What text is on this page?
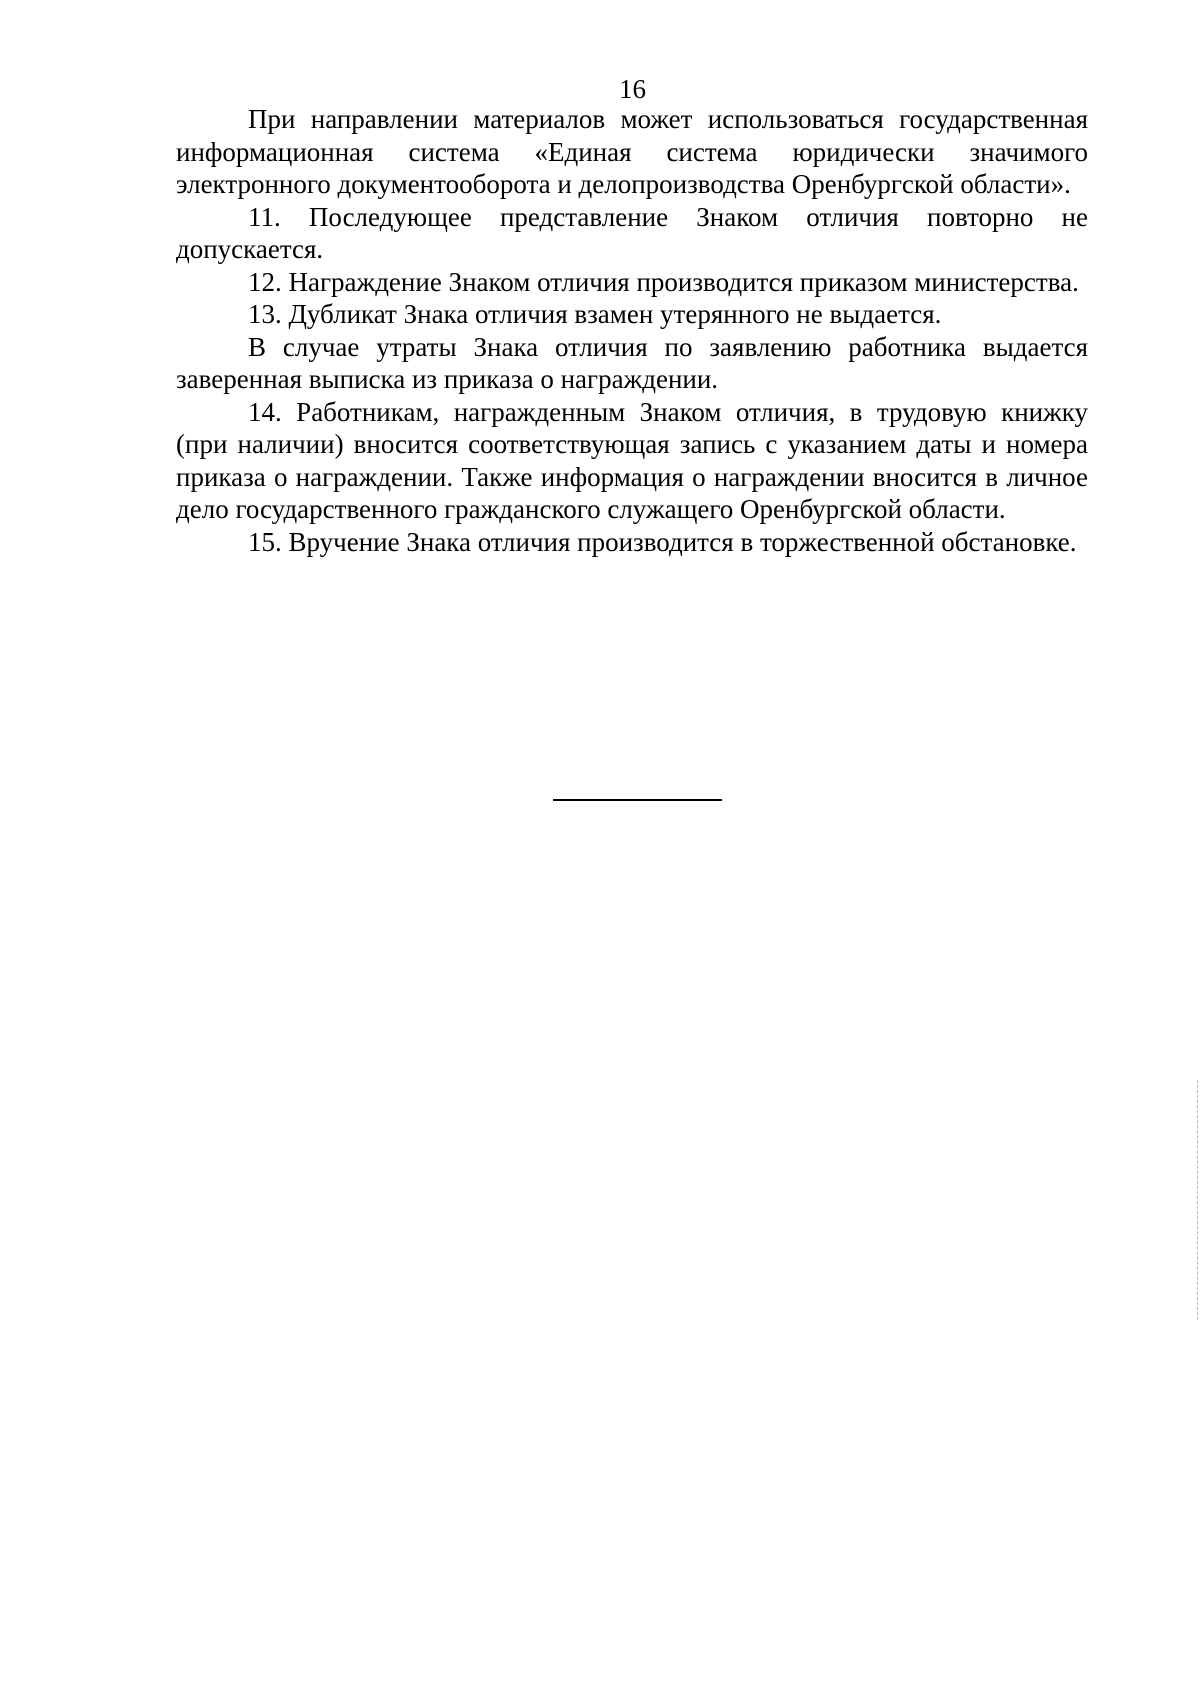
16

При направлении материалов может использоваться государственная информационная система «Единая система юридически значимого электронного документооборота и делопроизводства Оренбургской области».

11. Последующее представление Знаком отличия повторно не допускается.

12. Награждение Знаком отличия производится приказом министерства.

13. Дубликат Знака отличия взамен утерянного не выдается.

В случае утраты Знака отличия по заявлению работника выдается заверенная выписка из приказа о награждении.

14. Работникам, награжденным Знаком отличия, в трудовую книжку (при наличии) вносится соответствующая запись с указанием даты и номера приказа о награждении. Также информация о награждении вносится в личное дело государственного гражданского служащего Оренбургской области.

15. Вручение Знака отличия производится в торжественной обстановке.
